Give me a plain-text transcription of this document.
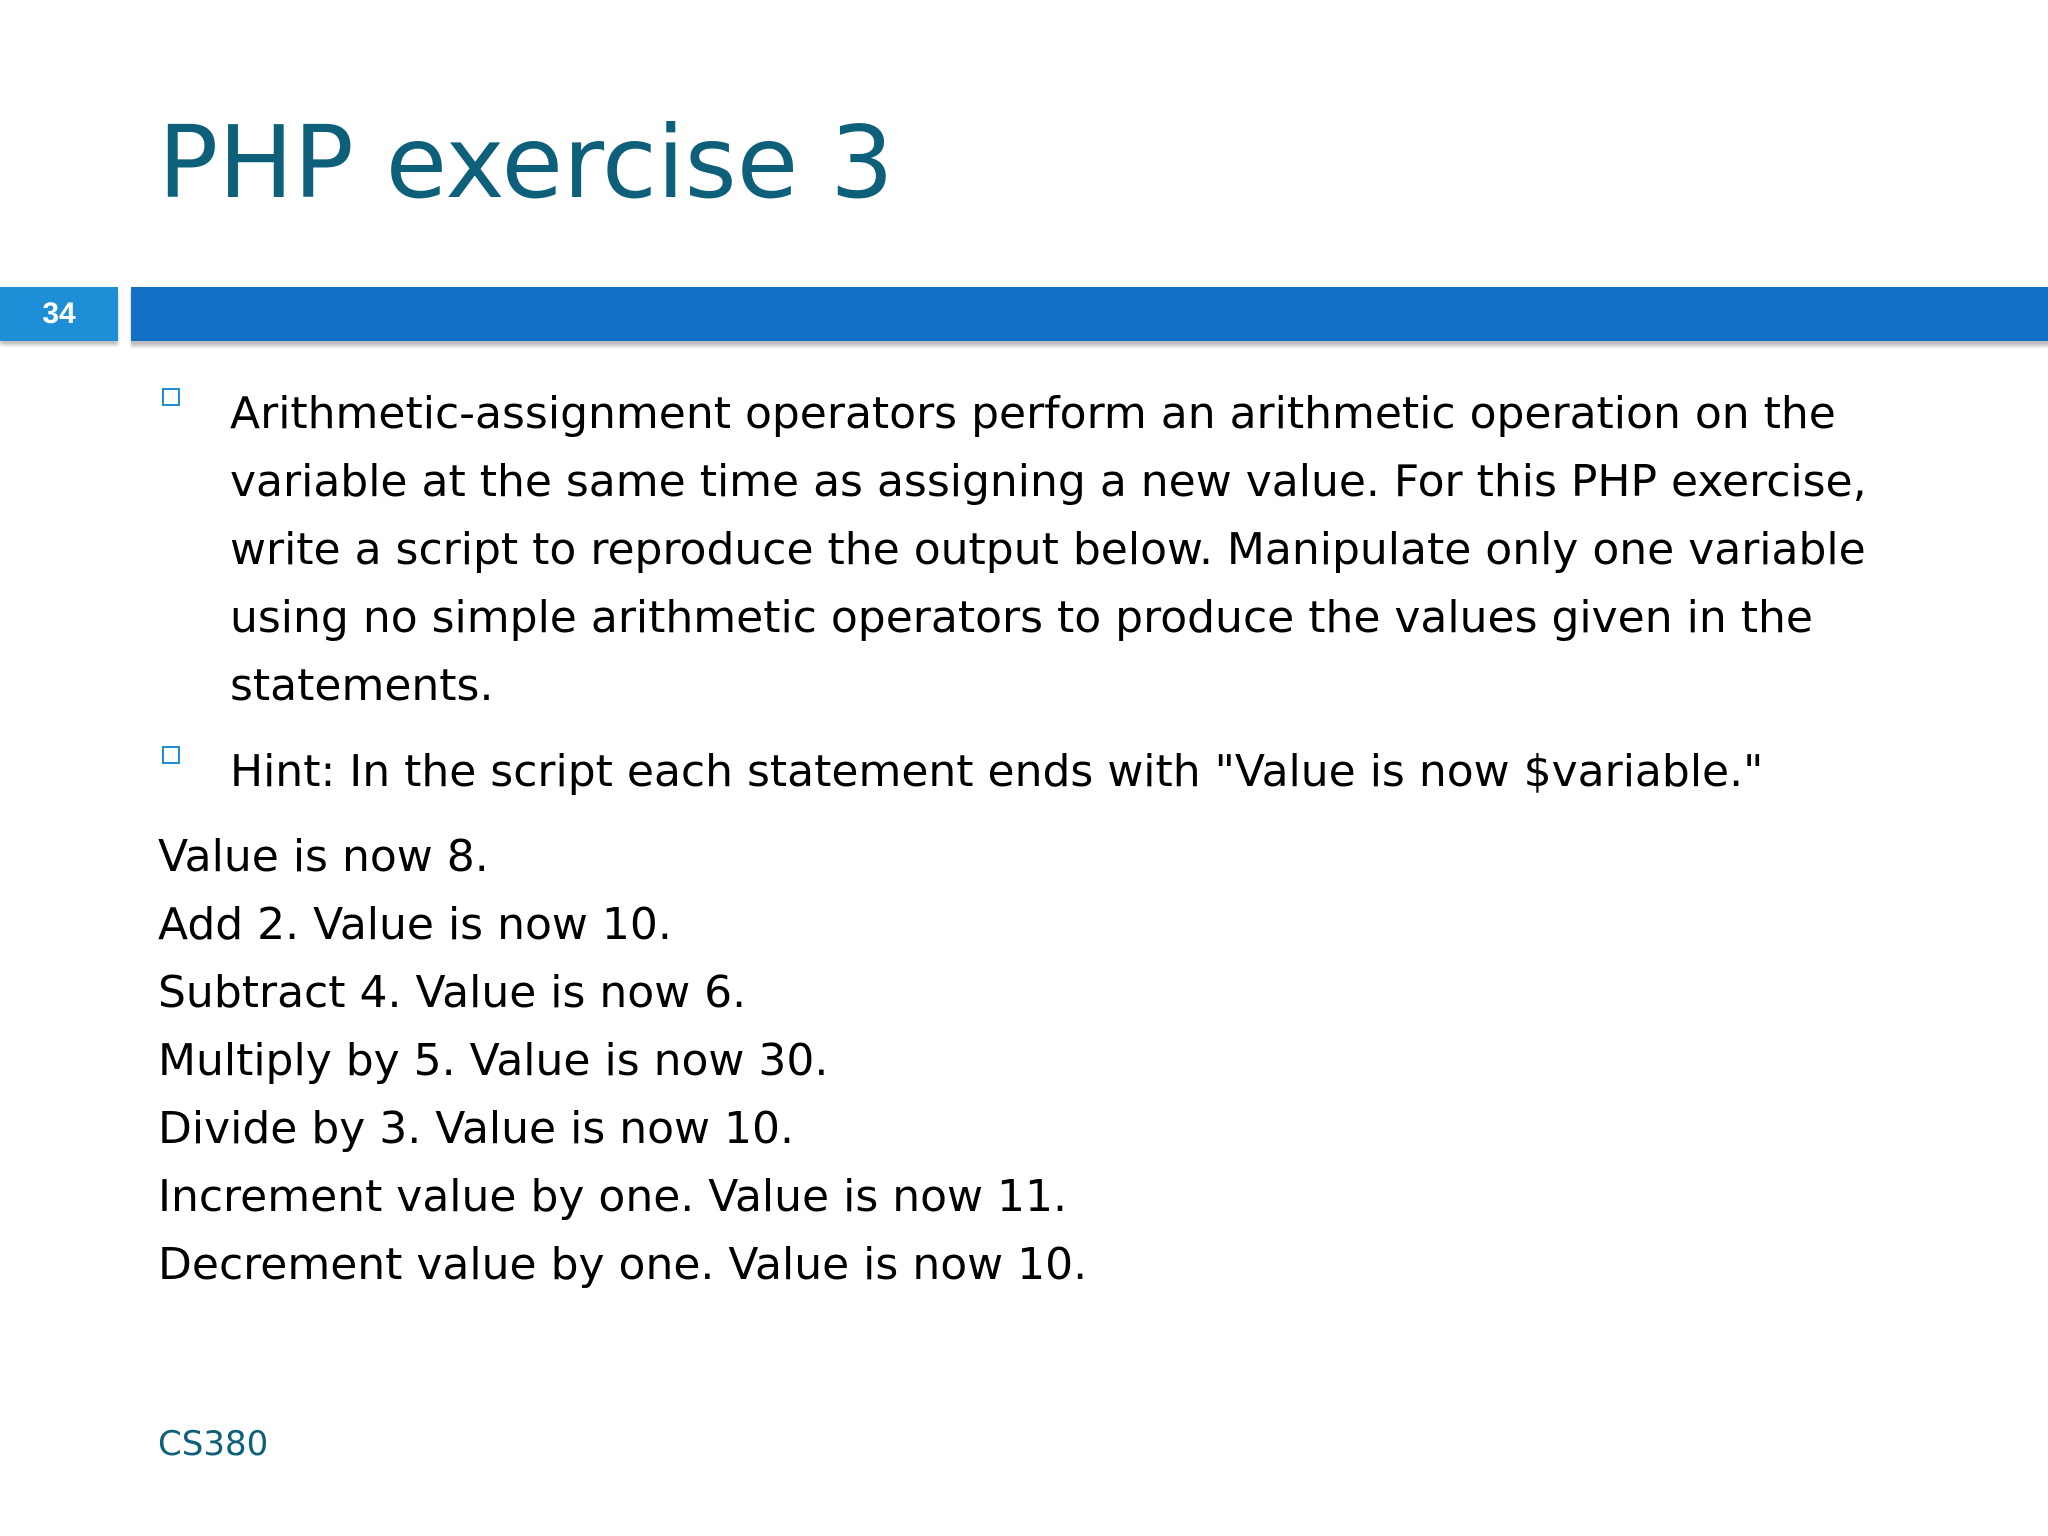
PHP exercise 3
34
Arithmetic-assignment operators perform an arithmetic operation on the variable at the same time as assigning a new value. For this PHP exercise, write a script to reproduce the output below. Manipulate only one variable using no simple arithmetic operators to produce the values given in the statements.
Hint: In the script each statement ends with "Value is now $variable."
Value is now 8.
Add 2. Value is now 10.
Subtract 4. Value is now 6.
Multiply by 5. Value is now 30.
Divide by 3. Value is now 10.
Increment value by one. Value is now 11.
Decrement value by one. Value is now 10.
CS380
